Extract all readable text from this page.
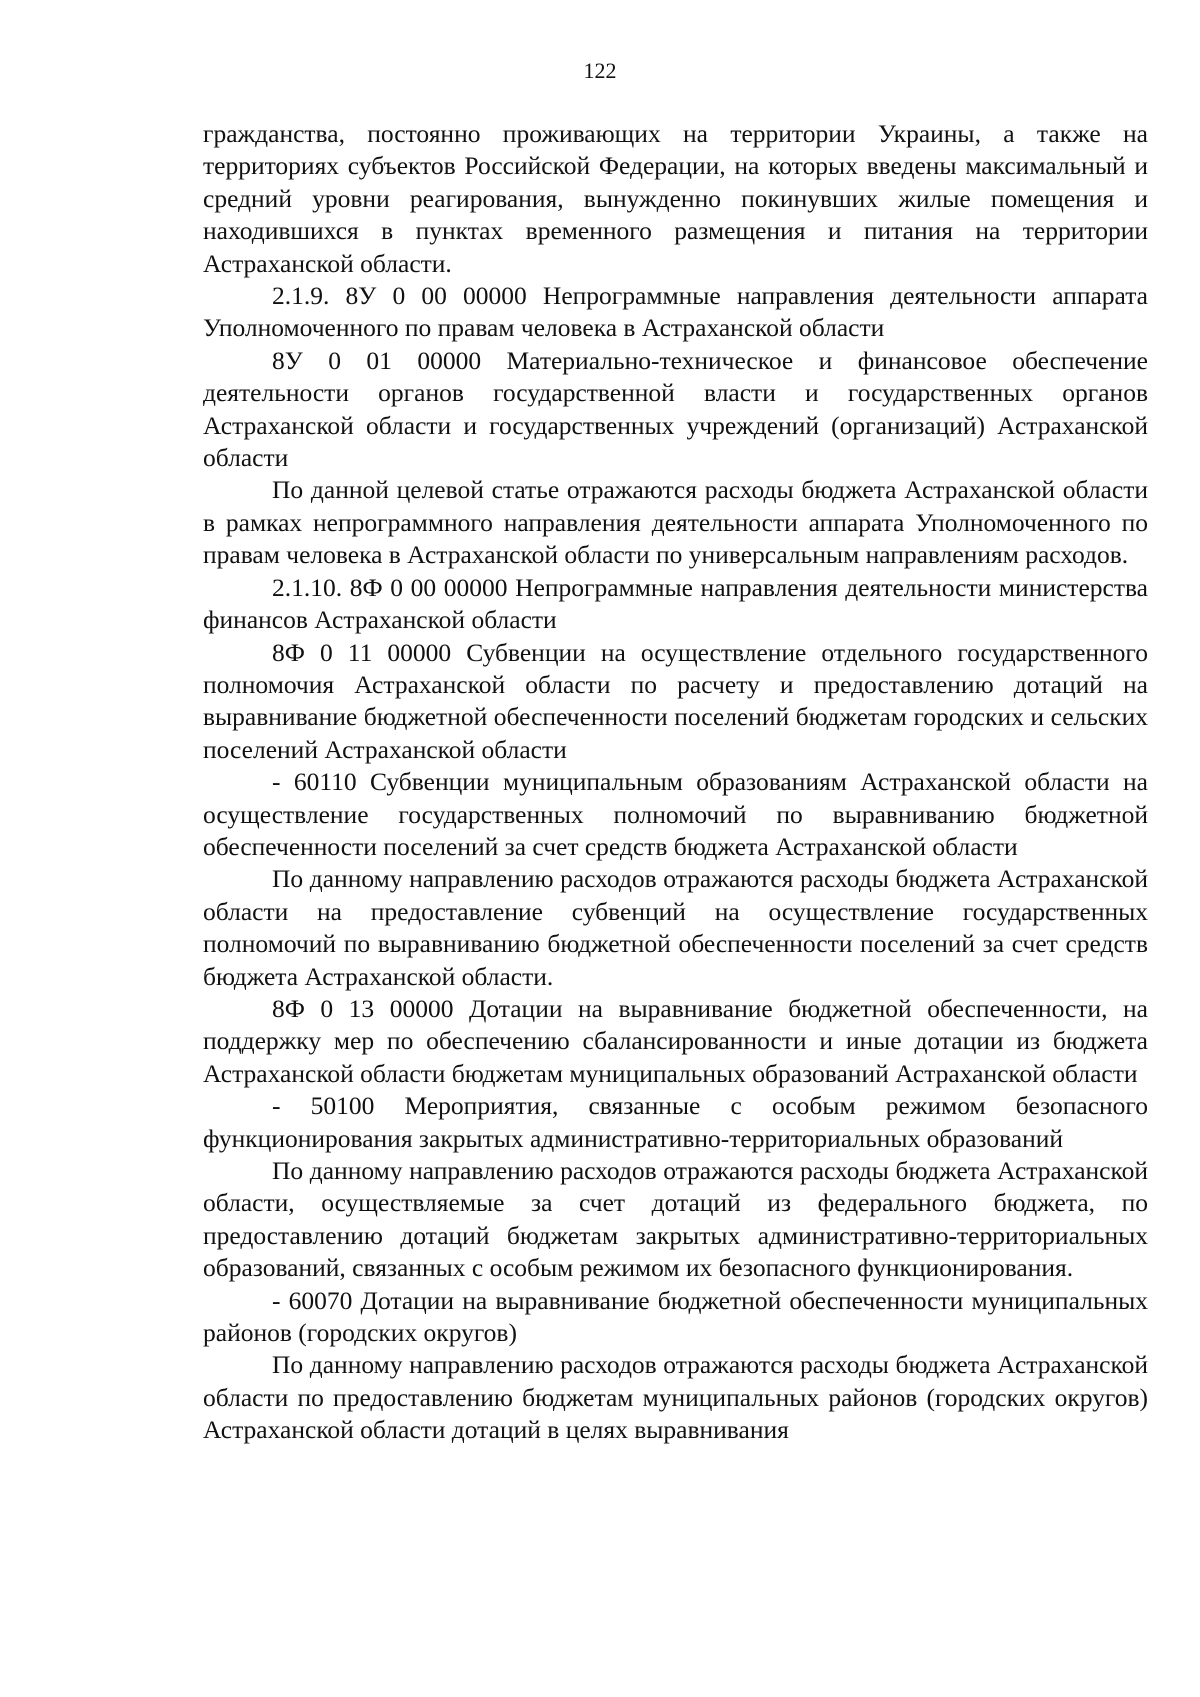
122

гражданства, постоянно проживающих на территории Украины, а также на территориях субъектов Российской Федерации, на которых введены максимальный и средний уровни реагирования, вынужденно покинувших жилые помещения и находившихся в пунктах временного размещения и питания на территории Астраханской области.

2.1.9. 8У 0 00 00000 Непрограммные направления деятельности аппарата Уполномоченного по правам человека в Астраханской области

8У 0 01 00000 Материально-техническое и финансовое обеспечение деятельности органов государственной власти и государственных органов Астраханской области и государственных учреждений (организаций) Астраханской области

По данной целевой статье отражаются расходы бюджета Астраханской области в рамках непрограммного направления деятельности аппарата Уполномоченного по правам человека в Астраханской области по универсальным направлениям расходов.

2.1.10. 8Ф 0 00 00000 Непрограммные направления деятельности министерства финансов Астраханской области

8Ф 0 11 00000 Субвенции на осуществление отдельного государственного полномочия Астраханской области по расчету и предоставлению дотаций на выравнивание бюджетной обеспеченности поселений бюджетам городских и сельских поселений Астраханской области

- 60110 Субвенции муниципальным образованиям Астраханской области на осуществление государственных полномочий по выравниванию бюджетной обеспеченности поселений за счет средств бюджета Астраханской области

По данному направлению расходов отражаются расходы бюджета Астраханской области на предоставление субвенций на осуществление государственных полномочий по выравниванию бюджетной обеспеченности поселений за счет средств бюджета Астраханской области.

8Ф 0 13 00000 Дотации на выравнивание бюджетной обеспеченности, на поддержку мер по обеспечению сбалансированности и иные дотации из бюджета Астраханской области бюджетам муниципальных образований Астраханской области

- 50100 Мероприятия, связанные с особым режимом безопасного функционирования закрытых административно-территориальных образований

По данному направлению расходов отражаются расходы бюджета Астраханской области, осуществляемые за счет дотаций из федерального бюджета, по предоставлению дотаций бюджетам закрытых административно-территориальных образований, связанных с особым режимом их безопасного функционирования.

- 60070 Дотации на выравнивание бюджетной обеспеченности муниципальных районов (городских округов)

По данному направлению расходов отражаются расходы бюджета Астраханской области по предоставлению бюджетам муниципальных районов (городских округов) Астраханской области дотаций в целях выравнивания
